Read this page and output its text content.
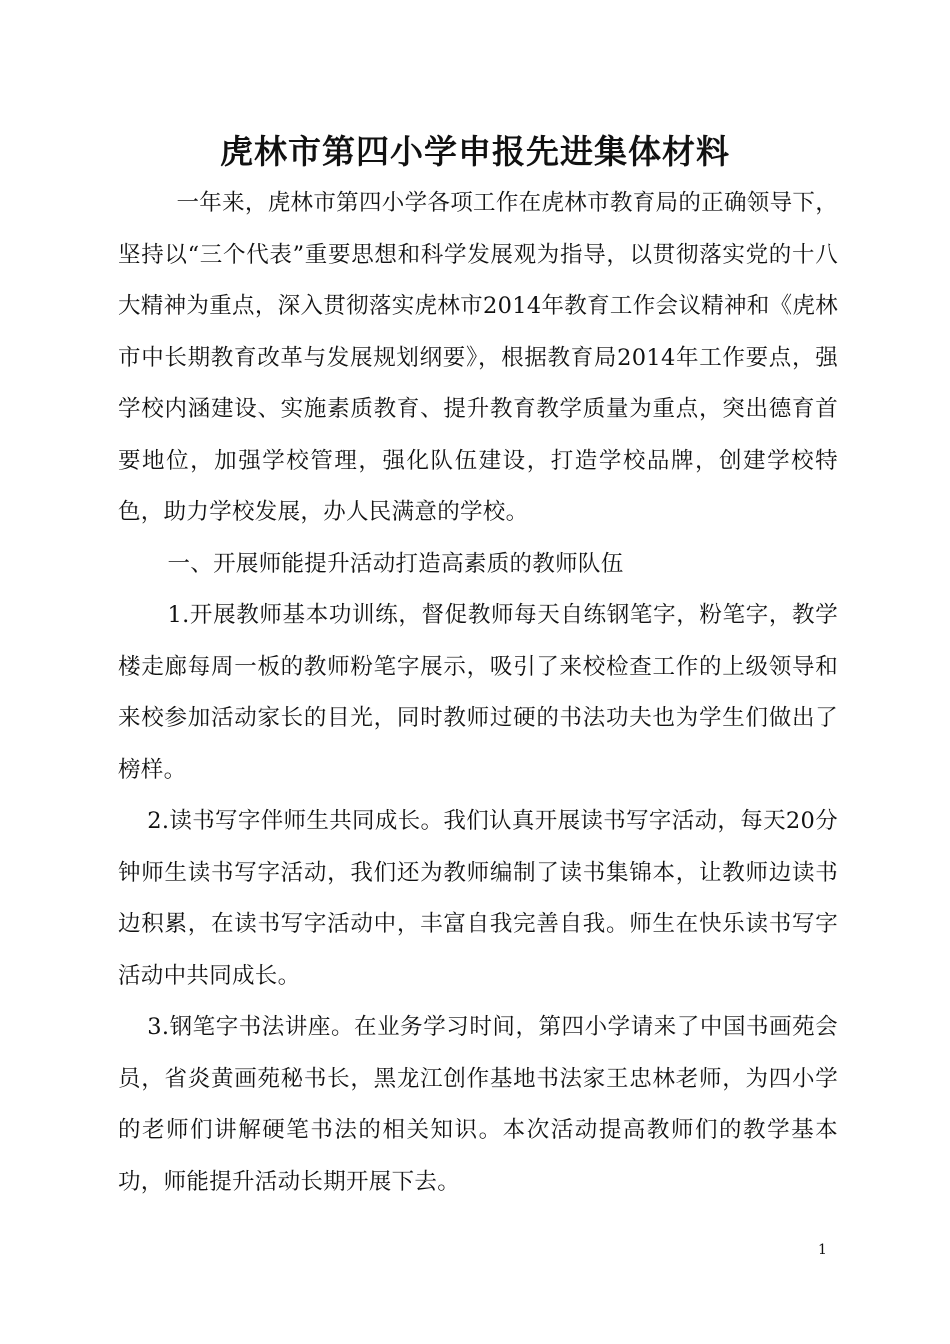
虎林市第四小学申报先进集体材料

一年来，虎林市第四小学各项工作在虎林市教育局的正确领导下，坚持以“三个代表”重要思想和科学发展观为指导，以贯彻落实党的十八大精神为重点，深入贯彻落实虎林市2014年教育工作会议精神和《虎林市中长期教育改革与发展规划纲要》，根据教育局2014年工作要点，强学校内涵建设、实施素质教育、提升教育教学质量为重点，突出德育首要地位，加强学校管理，强化队伍建设，打造学校品牌，创建学校特色，助力学校发展，办人民满意的学校。

一、开展师能提升活动打造高素质的教师队伍

1.开展教师基本功训练，督促教师每天自练钢笔字，粉笔字，教学楼走廊每周一板的教师粉笔字展示，吸引了来校检查工作的上级领导和来校参加活动家长的目光，同时教师过硬的书法功夫也为学生们做出了榜样。

2.读书写字伴师生共同成长。我们认真开展读书写字活动，每天20分钟师生读书写字活动，我们还为教师编制了读书集锦本，让教师边读书边积累，在读书写字活动中，丰富自我完善自我。师生在快乐读书写字活动中共同成长。

3.钢笔字书法讲座。在业务学习时间，第四小学请来了中国书画苑会员，省炎黄画苑秘书长，黑龙江创作基地书法家王忠林老师，为四小学的老师们讲解硬笔书法的相关知识。本次活动提高教师们的教学基本功，师能提升活动长期开展下去。

1
